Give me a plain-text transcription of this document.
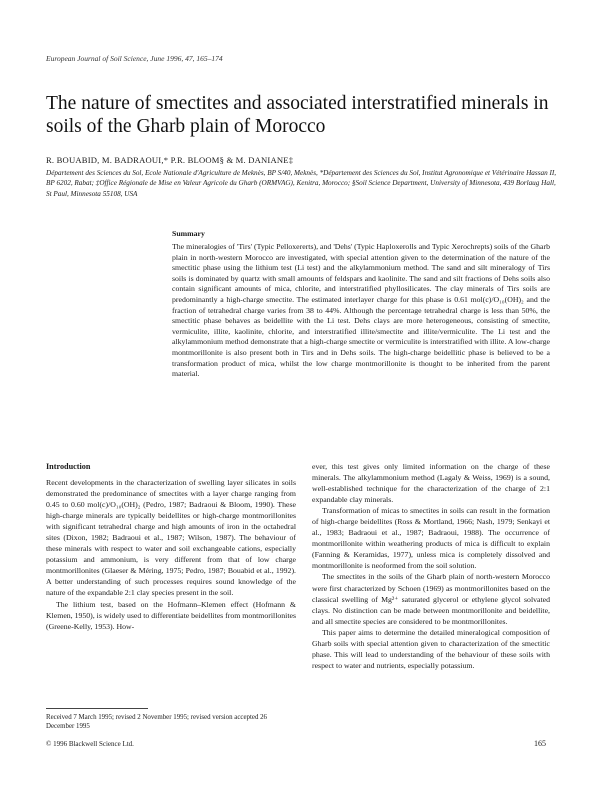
European Journal of Soil Science, June 1996, 47, 165–174
The nature of smectites and associated interstratified minerals in soils of the Gharb plain of Morocco
R. BOUABID, M. BADRAOUI,* P.R. BLOOM§ & M. DANIANE‡
Département des Sciences du Sol, Ecole Nationale d'Agriculture de Meknès, BP S/40, Meknès, *Département des Sciences du Sol, Institut Agronomique et Vétérinaire Hassan II, BP 6202, Rabat; ‡Office Régionale de Mise en Valeur Agricole du Gharb (ORMVAG), Kenitra, Morocco; §Soil Science Department, University of Minnesota, 439 Borlaug Hall, St Paul, Minnesota 55108, USA
Summary

The mineralogies of 'Tirs' (Typic Pelloxererts), and 'Dehs' (Typic Haploxerolls and Typic Xerochrepts) soils of the Gharb plain in north-western Morocco are investigated, with special attention given to the determination of the nature of the smectitic phase using the lithium test (Li test) and the alkylammonium method. The sand and silt mineralogy of Tirs soils is dominated by quartz with small amounts of feldspars and kaolinite. The sand and silt fractions of Dehs soils also contain significant amounts of mica, chlorite, and interstratified phyllosilicates. The clay minerals of Tirs soils are predominantly a high-charge smectite. The estimated interlayer charge for this phase is 0.61 mol(c)/O₁₀(OH)₂ and the fraction of tetrahedral charge varies from 38 to 44%. Although the percentage tetrahedral charge is less than 50%, the smectitic phase behaves as beidellite with the Li test. Dehs clays are more heterogeneous, consisting of smectite, vermiculite, illite, kaolinite, chlorite, and interstratified illite/smectite and illite/vermiculite. The Li test and the alkylammonium method demonstrate that a high-charge smectite or vermiculite is interstratified with illite. A low-charge montmorillonite is also present both in Tirs and in Dehs soils. The high-charge beidellitic phase is believed to be a transformation product of mica, whilst the low charge montmorillonite is thought to be inherited from the parent material.

Introduction

Recent developments in the characterization of swelling layer silicates in soils demonstrated the predominance of smectites with a layer charge ranging from 0.45 to 0.60 mol(c)/O₁₀(OH)₂ (Pedro, 1987; Badraoui & Bloom, 1990). These high-charge minerals are typically beidellites or high-charge montmorillonites with significant tetrahedral charge and high amounts of iron in the octahedral sites (Dixon, 1982; Badraoui et al., 1987; Wilson, 1987). The behaviour of these minerals with respect to water and soil exchangeable cations, especially potassium and ammonium, is very different from that of low charge montmorillonites (Glaeser & Méring, 1975; Pedro, 1987; Bouabid et al., 1992). A better understanding of such processes requires sound knowledge of the nature of the expandable 2:1 clay species present in the soil.

The lithium test, based on the Hofmann–Klemen effect (Hofmann & Klemen, 1950), is widely used to differentiate beidellites from montmorillonites (Greene-Kelly, 1953). How-

ever, this test gives only limited information on the charge of these minerals. The alkylammonium method (Lagaly & Weiss, 1969) is a sound, well-established technique for the characterization of the charge of 2:1 expandable clay minerals.

Transformation of micas to smectites in soils can result in the formation of high-charge beidellites (Ross & Mortland, 1966; Nash, 1979; Senkayi et al., 1983; Badraoui et al., 1987; Badraoui, 1988). The occurrence of montmorillonite within weathering products of mica is difficult to explain (Fanning & Keramidas, 1977), unless mica is completely dissolved and montmorillonite is neoformed from the soil solution.

The smectites in the soils of the Gharb plain of north-western Morocco were first characterized by Schoen (1969) as montmorillonites based on the classical swelling of Mg²⁺ saturated glycerol or ethylene glycol solvated clays. No distinction can be made between montmorillonite and beidellite, and all smectite species are considered to be montmorillonites.

This paper aims to determine the detailed mineralogical composition of Gharb soils with special attention given to characterization of the smectitic phase. This will lead to understanding of the behaviour of these soils with respect to water and nutrients, especially potassium.

Received 7 March 1995; revised 2 November 1995; revised version accepted 26 December 1995
© 1996 Blackwell Science Ltd.	165
